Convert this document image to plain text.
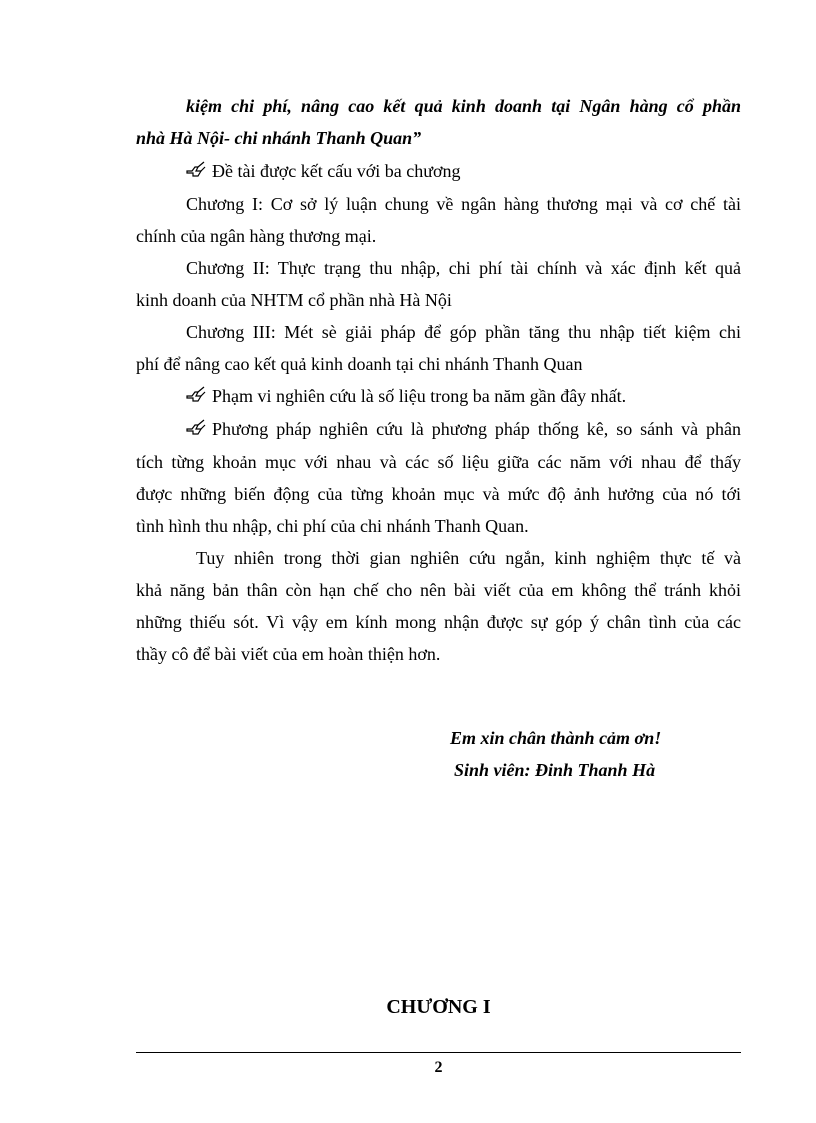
kiệm chi phí, nâng cao kết quả kinh doanh tại Ngân hàng cổ phần
nhà Hà Nội- chi nhánh Thanh Quan”
Đề tài được kết cấu với ba chương
Chương I: Cơ sở lý luận chung về ngân hàng thương mại và cơ chế tài
chính của ngân hàng thương mại.
Chương II: Thực trạng thu nhập, chi phí tài chính và xác định kết quả
kinh doanh của NHTM cổ phần nhà Hà Nội
Chương III: Mét sè giải pháp để góp phần tăng thu nhập tiết kiệm chi
phí để nâng cao kết quả kinh doanh tại chi nhánh Thanh Quan
Phạm vi nghiên cứu là số liệu trong ba năm gần đây nhất.
Phương pháp nghiên cứu là phương pháp thống kê, so sánh và phân
tích từng khoản mục với nhau và các số liệu giữa các năm với nhau để thấy
được những biến động của từng khoản mục và mức độ ảnh hưởng của nó tới
tình hình thu nhập, chi phí của chi nhánh Thanh Quan.
Tuy nhiên trong thời gian nghiên cứu ngắn, kinh nghiệm thực tế và
khả năng bản thân còn hạn chế cho nên bài viết của em không thể tránh khỏi
những thiếu sót. Vì vậy em kính mong nhận được sự góp ý chân tình của các
thầy cô để bài viết của em hoàn thiện hơn.
Em xin chân thành cảm ơn!
Sinh viên: Đinh Thanh Hà
CHƯƠNG I
2
